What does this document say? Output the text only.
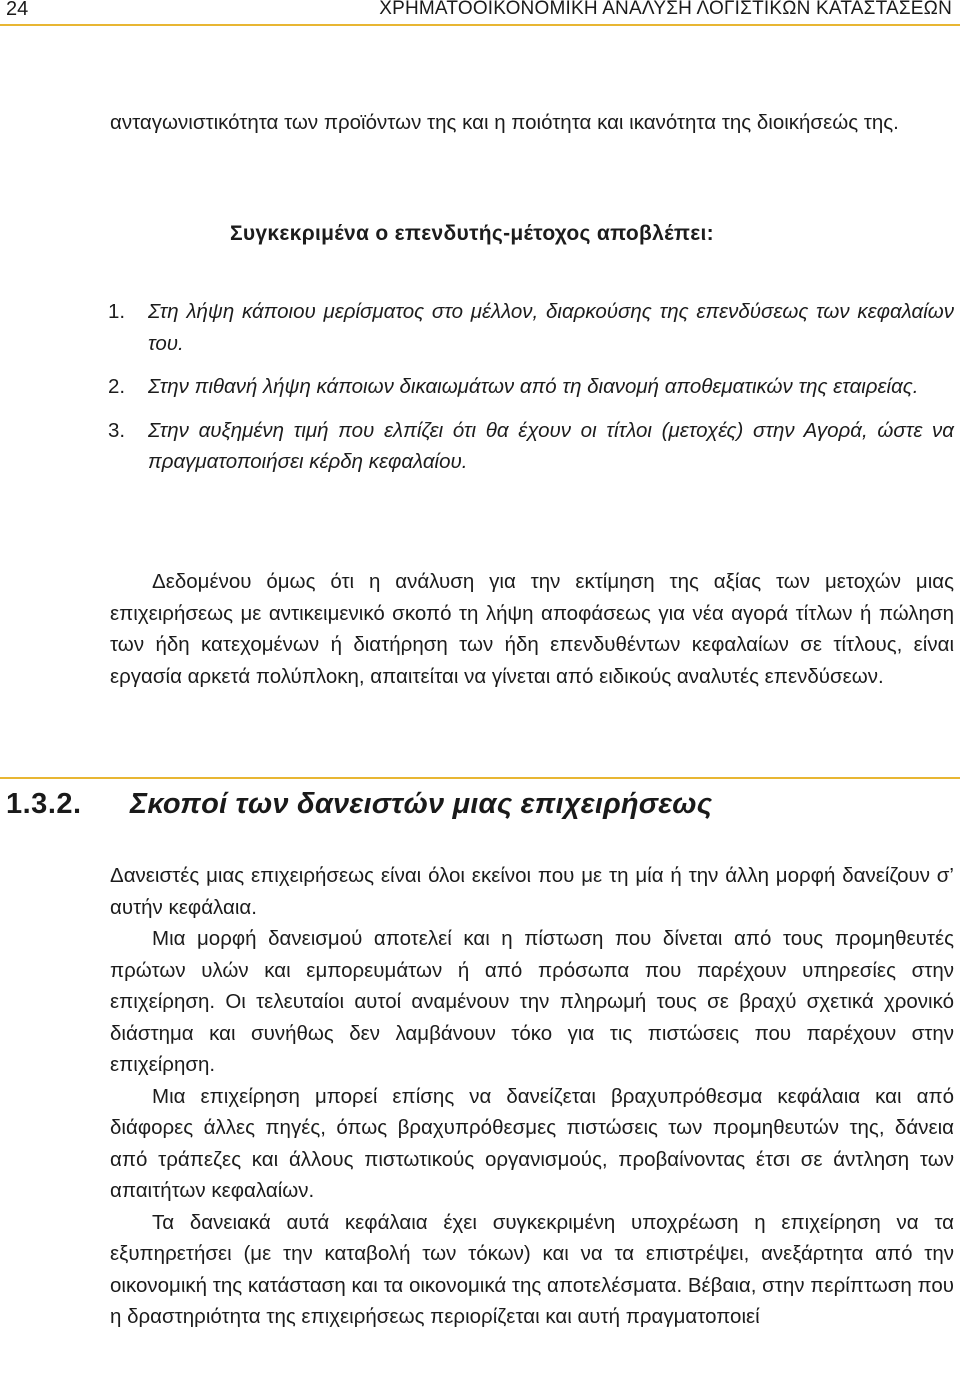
24	ΧΡΗΜΑΤΟΟΙΚΟΝΟΜΙΚΗ ΑΝΑΛΥΣΗ ΛΟΓΙΣΤΙΚΩΝ ΚΑΤΑΣΤΑΣΕΩΝ

ανταγωνιστικότητα των προϊόντων της και η ποιότητα και ικανότητα της διοικήσεώς της.

Συγκεκριμένα ο επενδυτής-μέτοχος αποβλέπει:
1.	Στη λήψη κάποιου μερίσματος στο μέλλον, διαρκούσης της επενδύσεως των κεφαλαίων του.
2.	Στην πιθανή λήψη κάποιων δικαιωμάτων από τη διανομή αποθεματικών της εταιρείας.
3.	Στην αυξημένη τιμή που ελπίζει ότι θα έχουν οι τίτλοι (μετοχές) στην Αγορά, ώστε να πραγματοποιήσει κέρδη κεφαλαίου.

Δεδομένου όμως ότι η ανάλυση για την εκτίμηση της αξίας των μετοχών μιας επιχειρήσεως με αντικειμενικό σκοπό τη λήψη αποφάσεως για νέα αγορά τίτλων ή πώληση των ήδη κατεχομένων ή διατήρηση των ήδη επενδυθέντων κεφαλαίων σε τίτλους, είναι εργασία αρκετά πολύπλοκη, απαιτείται να γίνεται από ειδικούς αναλυτές επενδύσεων.

1.3.2. Σκοποί των δανειστών μιας επιχειρήσεως

Δανειστές μιας επιχειρήσεως είναι όλοι εκείνοι που με τη μία ή την άλλη μορφή δανείζουν σ’ αυτήν κεφάλαια.

Μια μορφή δανεισμού αποτελεί και η πίστωση που δίνεται από τους προμηθευτές πρώτων υλών και εμπορευμάτων ή από πρόσωπα που παρέχουν υπηρεσίες στην επιχείρηση. Οι τελευταίοι αυτοί αναμένουν την πληρωμή τους σε βραχύ σχετικά χρονικό διάστημα και συνήθως δεν λαμβάνουν τόκο για τις πιστώσεις που παρέχουν στην επιχείρηση.

Μια επιχείρηση μπορεί επίσης να δανείζεται βραχυπρόθεσμα κεφάλαια και από διάφορες άλλες πηγές, όπως βραχυπρόθεσμες πιστώσεις των προμηθευτών της, δάνεια από τράπεζες και άλλους πιστωτικούς οργανισμούς, προβαίνοντας έτσι σε άντληση των απαιτήτων κεφαλαίων.

Τα δανειακά αυτά κεφάλαια έχει συγκεκριμένη υποχρέωση η επιχείρηση να τα εξυπηρετήσει (με την καταβολή των τόκων) και να τα επιστρέψει, ανεξάρτητα από την οικονομική της κατάσταση και τα οικονομικά της αποτελέσματα. Βέβαια, στην περίπτωση που η δραστηριότητα της επιχειρήσεως περιορίζεται και αυτή πραγματοποιεί
